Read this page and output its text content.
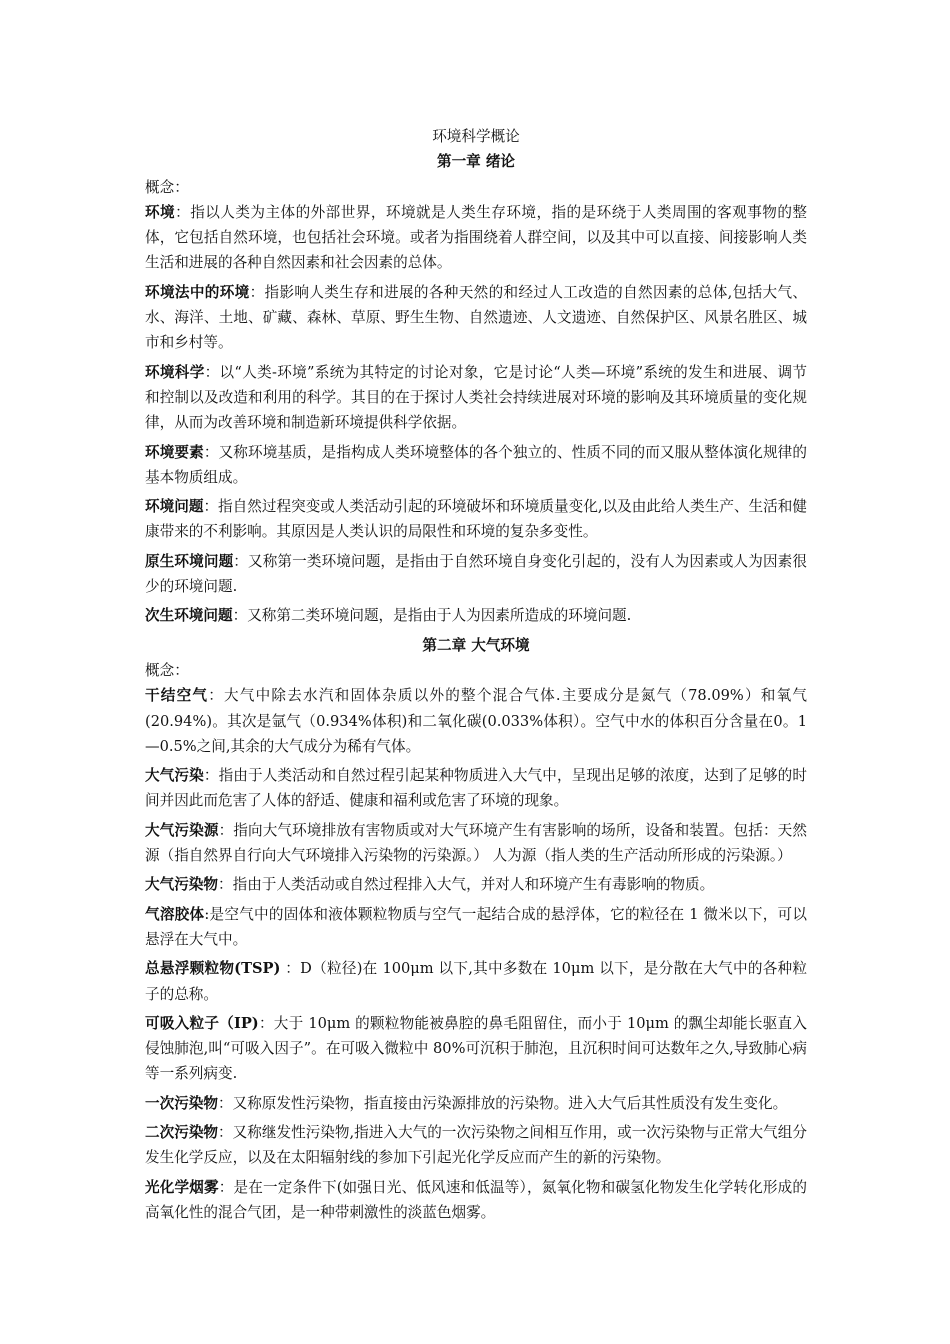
环境科学概论

第一章 绪论

概念：

环境：指以人类为主体的外部世界，环境就是人类生存环境，指的是环绕于人类周围的客观事物的整体，它包括自然环境，也包括社会环境。或者为指围绕着人群空间，以及其中可以直接、间接影响人类生活和进展的各种自然因素和社会因素的总体。

环境法中的环境：指影响人类生存和进展的各种天然的和经过人工改造的自然因素的总体,包括大气、水、海洋、土地、矿藏、森林、草原、野生生物、自然遗迹、人文遗迹、自然保护区、风景名胜区、城市和乡村等。

环境科学：以“人类-环境”系统为其特定的讨论对象，它是讨论“人类—环境”系统的发生和进展、调节和控制以及改造和利用的科学。其目的在于探讨人类社会持续进展对环境的影响及其环境质量的变化规律，从而为改善环境和制造新环境提供科学依据。

环境要素：又称环境基质，是指构成人类环境整体的各个独立的、性质不同的而又服从整体演化规律的基本物质组成。

环境问题：指自然过程突变或人类活动引起的环境破坏和环境质量变化,以及由此给人类生产、生活和健康带来的不利影响。其原因是人类认识的局限性和环境的复杂多变性。

原生环境问题：又称第一类环境问题，是指由于自然环境自身变化引起的，没有人为因素或人为因素很少的环境问题.

次生环境问题：又称第二类环境问题，是指由于人为因素所造成的环境问题.

第二章 大气环境

概念：

干结空气：大气中除去水汽和固体杂质以外的整个混合气体.主要成分是氮气（78.09%）和氧气(20.94%)。其次是氩气（0.934%体积)和二氧化碳(0.033%体积）。空气中水的体积百分含量在0。1—0.5%之间,其余的大气成分为稀有气体。

大气污染：指由于人类活动和自然过程引起某种物质进入大气中，呈现出足够的浓度，达到了足够的时间并因此而危害了人体的舒适、健康和福利或危害了环境的现象。

大气污染源：指向大气环境排放有害物质或对大气环境产生有害影响的场所，设备和装置。包括：天然源（指自然界自行向大气环境排入污染物的污染源。） 人为源（指人类的生产活动所形成的污染源。）

大气污染物：指由于人类活动或自然过程排入大气，并对人和环境产生有毒影响的物质。

气溶胶体:是空气中的固体和液体颗粒物质与空气一起结合成的悬浮体，它的粒径在 1 微米以下，可以悬浮在大气中。

总悬浮颗粒物(TSP) ：D（粒径)在 100μm 以下,其中多数在 10μm 以下，是分散在大气中的各种粒子的总称。

可吸入粒子（IP)：大于 10μm 的颗粒物能被鼻腔的鼻毛阻留住，而小于 10μm 的飘尘却能长驱直入侵蚀肺泡,叫“可吸入因子”。在可吸入微粒中 80%可沉积于肺泡，且沉积时间可达数年之久,导致肺心病等一系列病变.

一次污染物：又称原发性污染物，指直接由污染源排放的污染物。进入大气后其性质没有发生变化。

二次污染物：又称继发性污染物,指进入大气的一次污染物之间相互作用，或一次污染物与正常大气组分发生化学反应，以及在太阳辐射线的参加下引起光化学反应而产生的新的污染物。

光化学烟雾：是在一定条件下(如强日光、低风速和低温等），氮氧化物和碳氢化物发生化学转化形成的高氧化性的混合气团，是一种带刺激性的淡蓝色烟雾。
